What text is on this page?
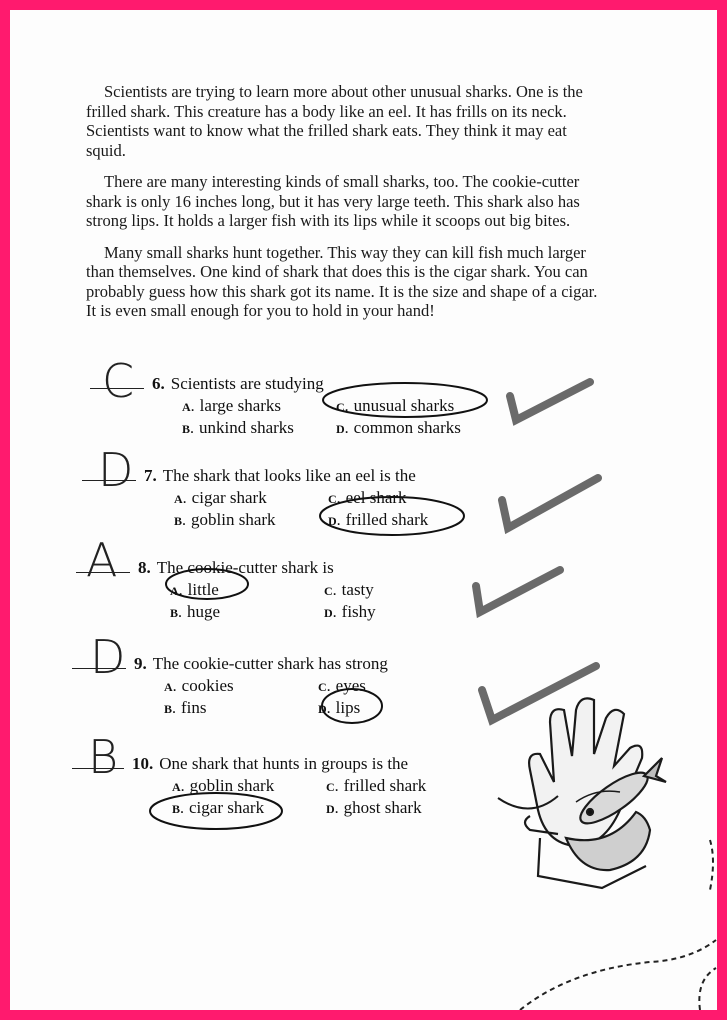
Scientists are trying to learn more about other unusual sharks. One is the frilled shark. This creature has a body like an eel. It has frills on its neck. Scientists want to know what the frilled shark eats. They think it may eat squid.

There are many interesting kinds of small sharks, too. The cookie-cutter shark is only 16 inches long, but it has very large teeth. This shark also has strong lips. It holds a larger fish with its lips while it scoops out big bites.

Many small sharks hunt together. This way they can kill fish much larger than themselves. One kind of shark that does this is the cigar shark. You can probably guess how this shark got its name. It is the size and shape of a cigar. It is even small enough for you to hold in your hand!

C 6. Scientists are studying
A. large sharks	C. unusual sharks
B. unkind sharks	D. common sharks
D 7. The shark that looks like an eel is the
A. cigar shark	C. eel shark
B. goblin shark	D. frilled shark
A 8. The cookie-cutter shark is
A. little	C. tasty
B. huge	D. fishy
D 9. The cookie-cutter shark has strong
A. cookies	C. eyes
B. fins	D. lips
B 10. One shark that hunts in groups is the
A. goblin shark	C. frilled shark
B. cigar shark	D. ghost shark
